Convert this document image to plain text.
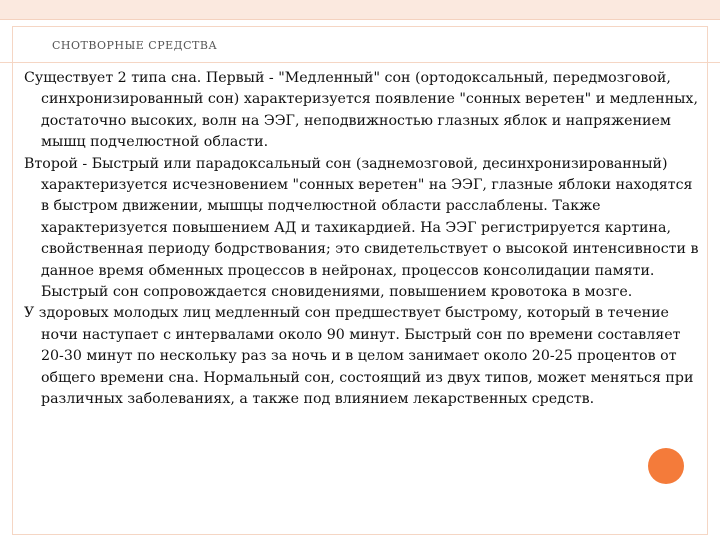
СНОТВОРНЫЕ СРЕДСТВА

Существует 2 типа сна. Первый - "Медленный" сон (ортодоксальный, передмозговой, синхронизированный сон) характеризуется появление "сонных веретен" и медленных, достаточно высоких, волн на ЭЭГ, неподвижностью глазных яблок и напряжением мышц подчелюстной области.

Второй - Быстрый или парадоксальный сон (заднемозговой, десинхронизированный) характеризуется исчезновением "сонных веретен" на ЭЭГ, глазные яблоки находятся в быстром движении, мышцы подчелюстной области расслаблены. Также характеризуется повышением АД и тахикардией. На ЭЭГ регистрируется картина, свойственная периоду бодрствования; это свидетельствует о высокой интенсивности в данное время обменных процессов в нейронах, процессов консолидации памяти. Быстрый сон сопровождается сновидениями, повышением кровотока в мозге.

У здоровых молодых лиц медленный сон предшествует быстрому, который в течение ночи наступает с интервалами около 90 минут. Быстрый сон по времени составляет 20-30 минут по нескольку раз за ночь и в целом занимает около 20-25 процентов от общего времени сна. Нормальный сон, состоящий из двух типов, может меняться при различных заболеваниях, а также под влиянием лекарственных средств.
